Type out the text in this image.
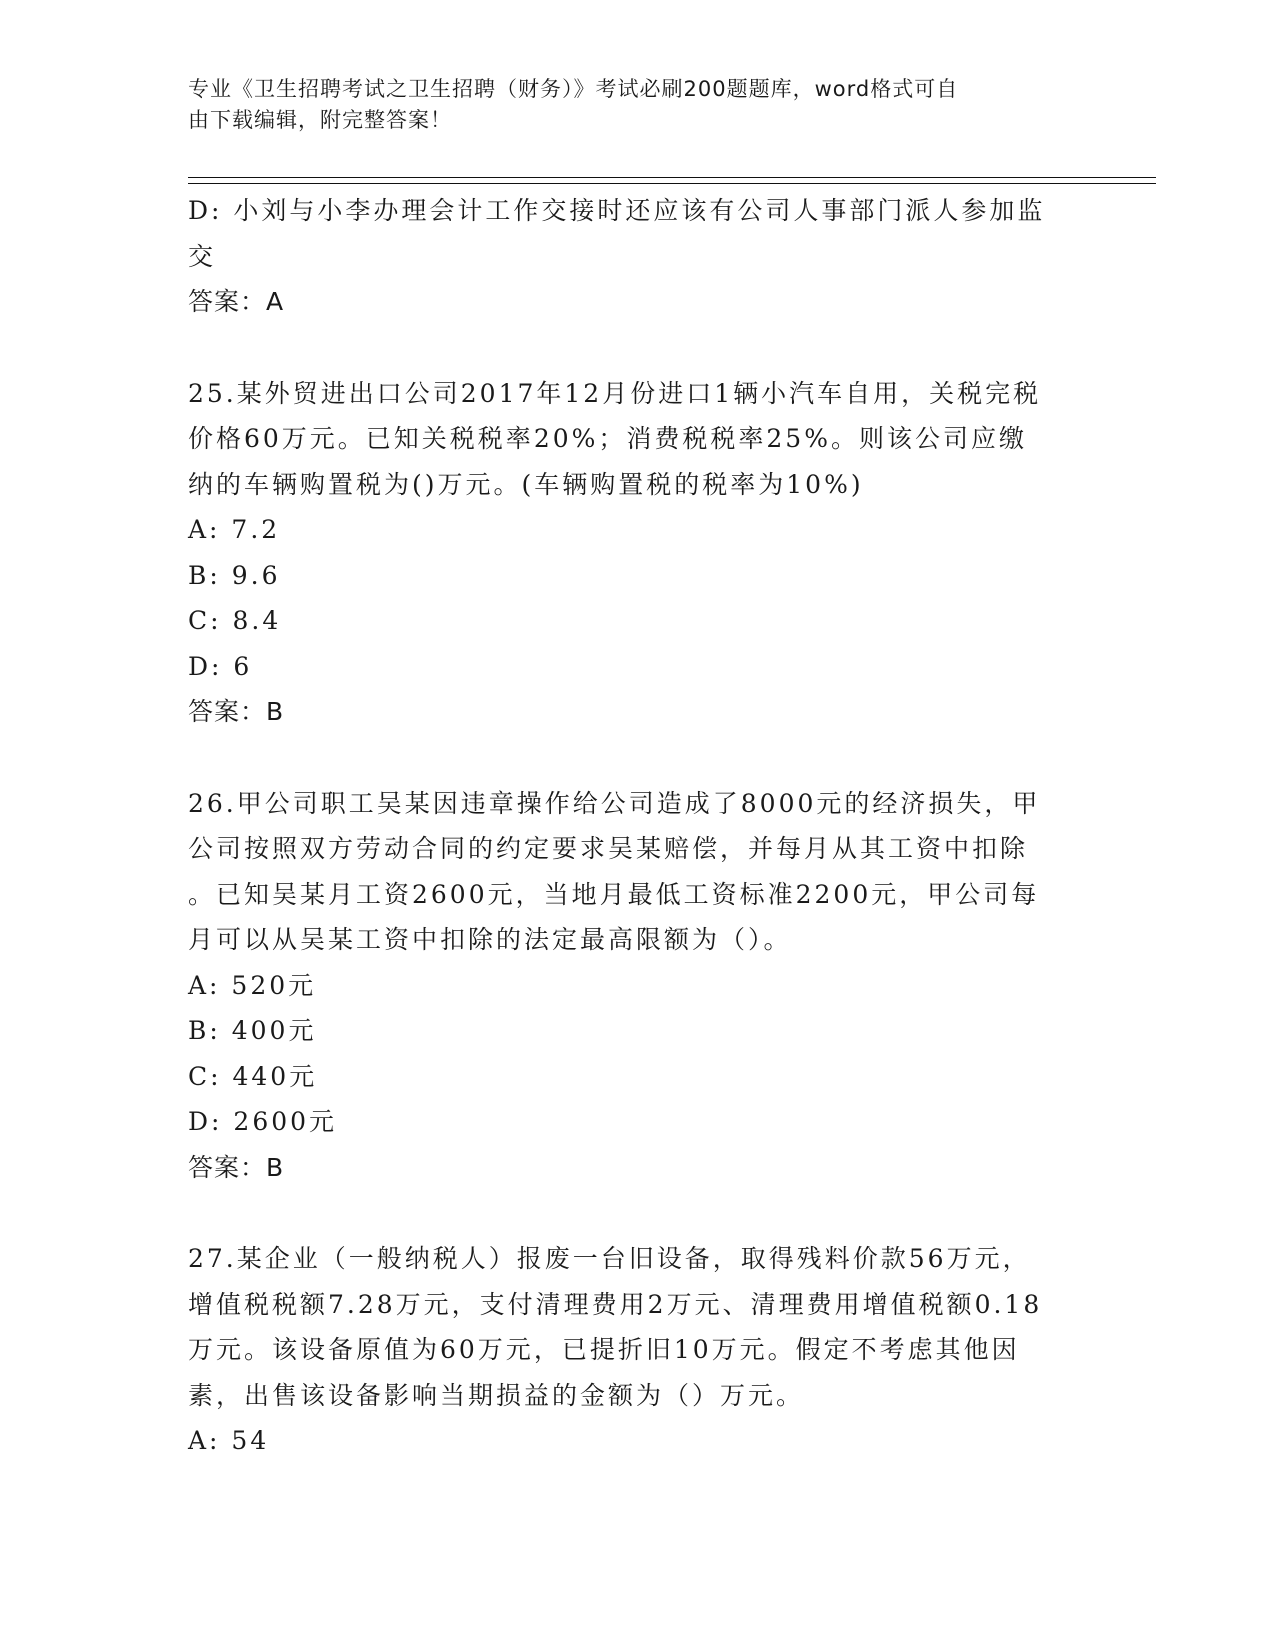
专业《卫生招聘考试之卫生招聘（财务）》考试必刷200题题库，word格式可自
由下载编辑，附完整答案！
D: 小刘与小李办理会计工作交接时还应该有公司人事部门派人参加监
交
答案：A
25.某外贸进出口公司2017年12月份进口1辆小汽车自用，关税完税
价格60万元。已知关税税率20%；消费税税率25%。则该公司应缴
纳的车辆购置税为()万元。(车辆购置税的税率为10%)
A: 7.2
B: 9.6
C: 8.4
D: 6
答案：B
26.甲公司职工吴某因违章操作给公司造成了8000元的经济损失，甲
公司按照双方劳动合同的约定要求吴某赔偿，并每月从其工资中扣除
。已知吴某月工资2600元，当地月最低工资标准2200元，甲公司每
月可以从吴某工资中扣除的法定最高限额为（）。
A: 520元
B: 400元
C: 440元
D: 2600元
答案：B
27.某企业（一般纳税人）报废一台旧设备，取得残料价款56万元，
增值税税额7.28万元，支付清理费用2万元、清理费用增值税额0.18
万元。该设备原值为60万元，已提折旧10万元。假定不考虑其他因
素，出售该设备影响当期损益的金额为（）万元。
A: 54
